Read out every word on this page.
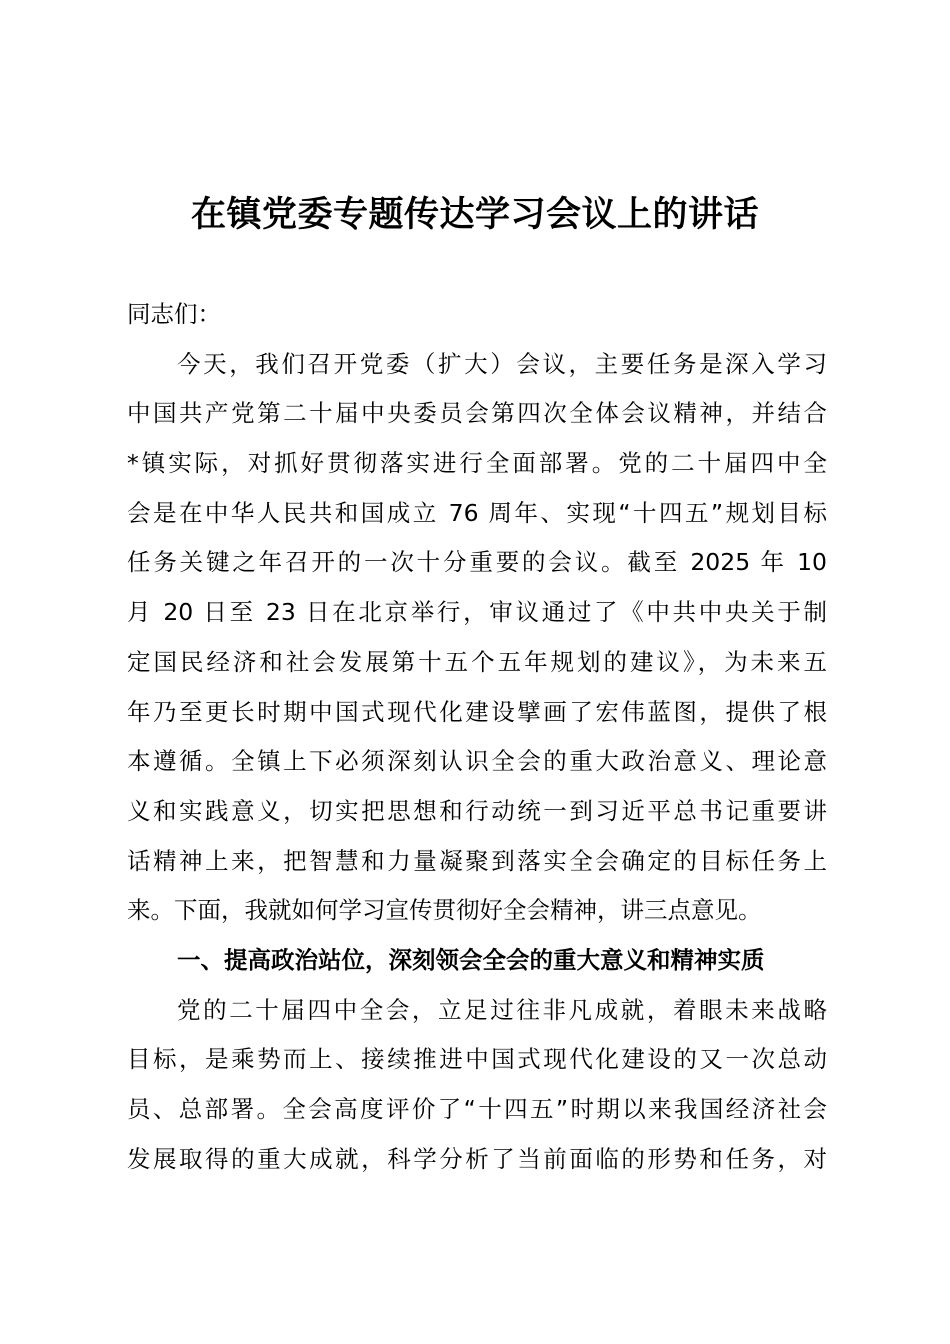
在镇党委专题传达学习会议上的讲话
同志们：
今天，我们召开党委（扩大）会议，主要任务是深入学习
中国共产党第二十届中央委员会第四次全体会议精神，并结合
*镇实际，对抓好贯彻落实进行全面部署。党的二十届四中全
会是在中华人民共和国成立 76 周年、实现“十四五”规划目标
任务关键之年召开的一次十分重要的会议。截至 2025 年 10
月 20 日至 23 日在北京举行，审议通过了《中共中央关于制
定国民经济和社会发展第十五个五年规划的建议》，为未来五
年乃至更长时期中国式现代化建设擘画了宏伟蓝图，提供了根
本遵循。全镇上下必须深刻认识全会的重大政治意义、理论意
义和实践意义，切实把思想和行动统一到习近平总书记重要讲
话精神上来，把智慧和力量凝聚到落实全会确定的目标任务上
来。下面，我就如何学习宣传贯彻好全会精神，讲三点意见。
一、提高政治站位，深刻领会全会的重大意义和精神实质
党的二十届四中全会，立足过往非凡成就，着眼未来战略
目标，是乘势而上、接续推进中国式现代化建设的又一次总动
员、总部署。全会高度评价了“十四五”时期以来我国经济社会
发展取得的重大成就，科学分析了当前面临的形势和任务，对
